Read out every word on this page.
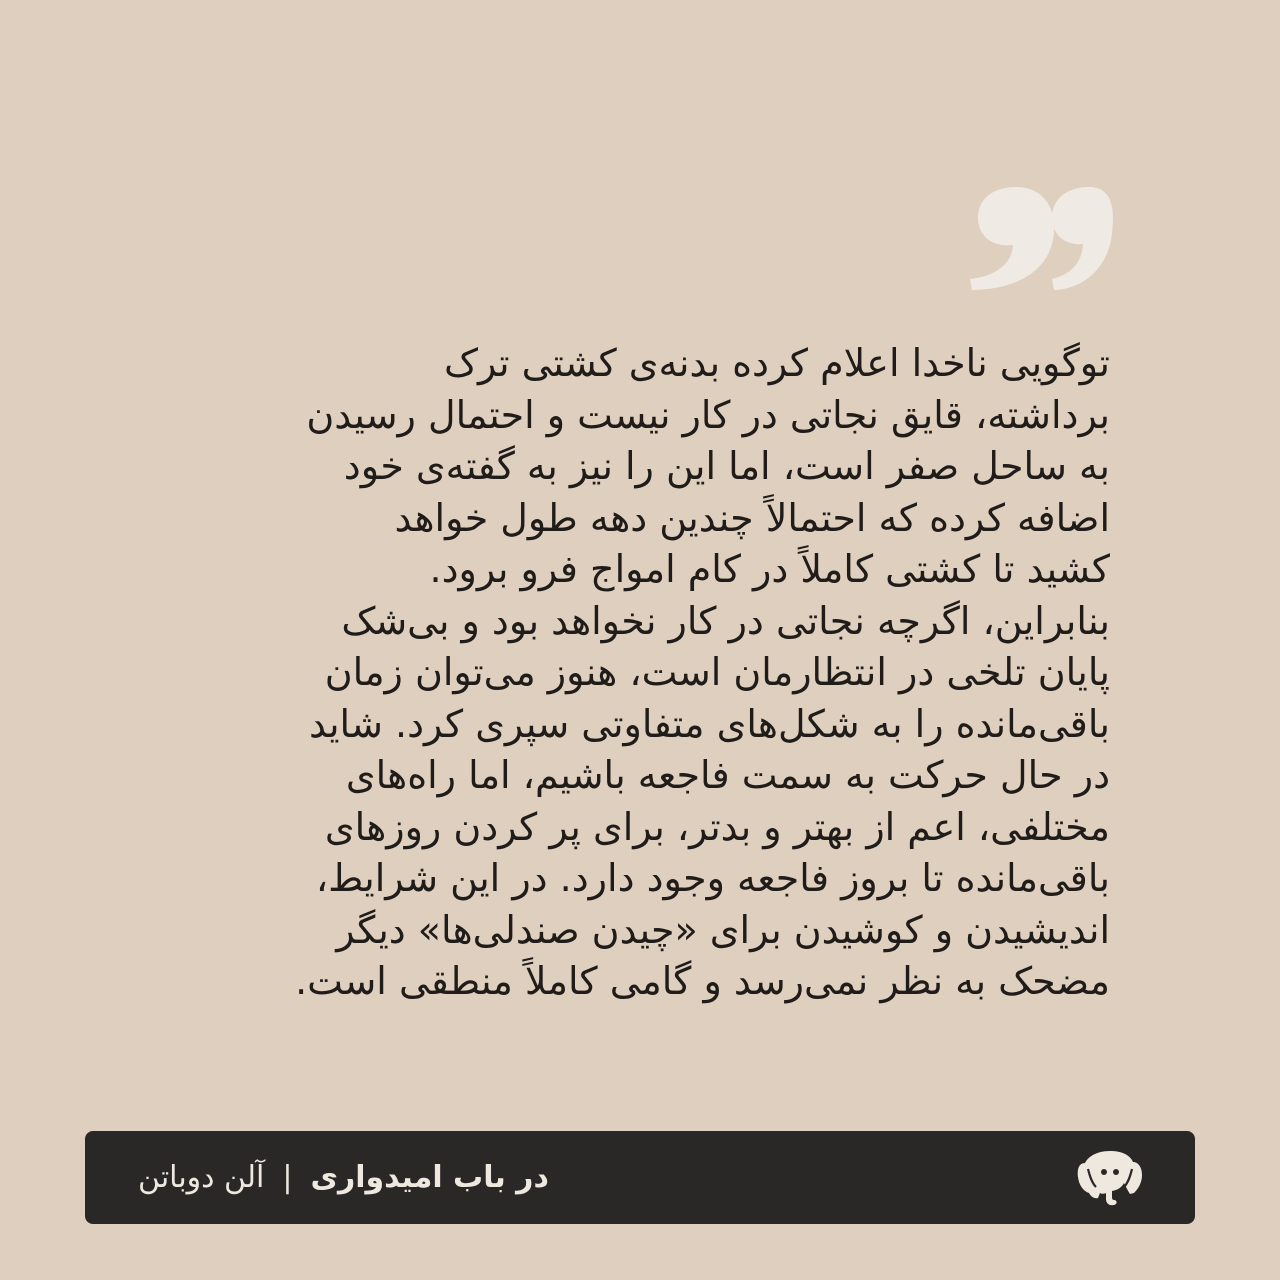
توگویی ناخدا اعلام کرده بدنه‌ی کشتی ترک
برداشته، قایق نجاتی در کار نیست و احتمال رسیدن
به ساحل صفر است، اما این را نیز به گفته‌ی خود
اضافه کرده که احتمالاً چندین دهه طول خواهد
کشید تا کشتی کاملاً در کام امواج فرو برود.
بنابراین، اگرچه نجاتی در کار نخواهد بود و بی‌شک
پایان تلخی در انتظارمان است، هنوز می‌توان زمان
باقی‌مانده را به شکل‌های متفاوتی سپری کرد. شاید
در حال حرکت به سمت فاجعه باشیم، اما راه‌های
مختلفی، اعم از بهتر و بدتر، برای پر کردن روزهای
باقی‌مانده تا بروز فاجعه وجود دارد. در این شرایط،
اندیشیدن و کوشیدن برای «چیدن صندلی‌ها» دیگر
مضحک به نظر نمی‌رسد و گامی کاملاً منطقی است.
در باب امیدواری
|
آلن دوباتن
